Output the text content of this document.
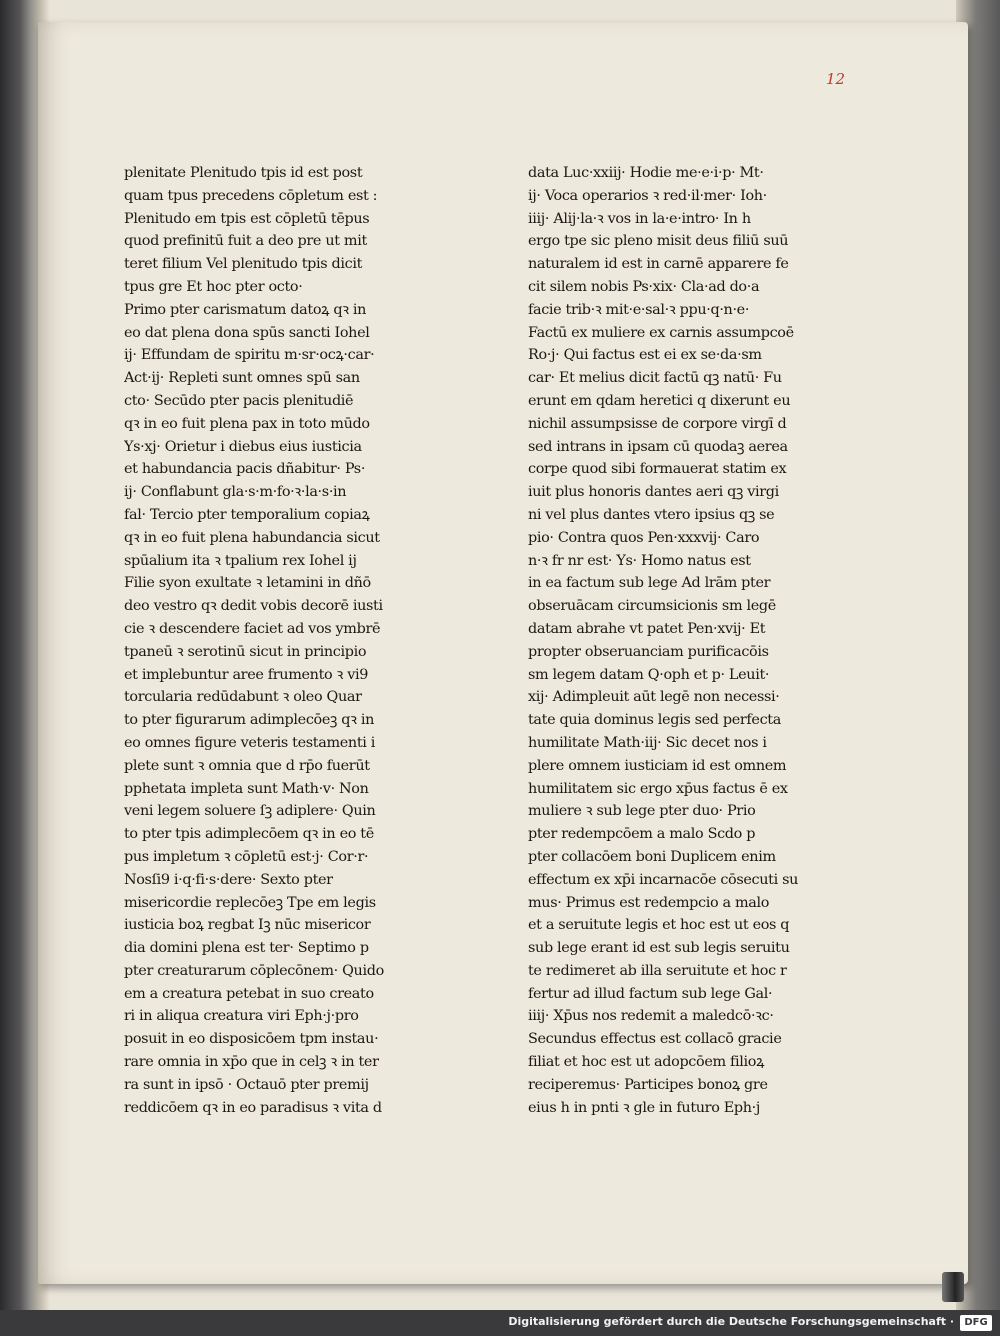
12
plenitate Plenitudo tpis id est post
quam tpus precedens cōpletum est :
Plenitudo em tpis est cōpletū tēpus
quod prefinitū fuit a deo pre ut mit
teret filium Vel plenitudo tpis dicit
tpus gre Et hoc pter octo·
Primo pter carismatum datoꝝ qꝛ in
eo dat plena dona spūs sancti Iohel
ij· Effundam de spiritu m·sr·ocꝝ·car·
Act·ij· Repleti sunt omnes spū san
cto· Secūdo pter pacis plenitudiē
qꝛ in eo fuit plena pax in toto mūdo
Ys·xj· Orietur i diebus eius iusticia
et habundancia pacis dñabitur· Ps·
ij· Conflabunt gla·s·m·fo·ꝛ·la·s·in
fal· Tercio pter temporalium copiaꝝ
qꝛ in eo fuit plena habundancia sicut
spūalium ita ꝛ tpalium rex Iohel ij
Filie syon exultate ꝛ letamini in dñō
deo vestro qꝛ dedit vobis decorē iusti
cie ꝛ descendere faciet ad vos ymbrē
tpaneū ꝛ serotinū sicut in principio
et implebuntur aree frumento ꝛ vi9
torcularia redūdabunt ꝛ oleo Quar
to pter figurarum adimplecōeꝫ qꝛ in
eo omnes figure veteris testamenti i
plete sunt ꝛ omnia que d rp̄o fuerūt
pphetata impleta sunt Math·v· Non
veni legem soluere ſꝫ adiplere· Quin
to pter tpis adimplecōem qꝛ in eo tē
pus impletum ꝛ cōpletū est·j· Cor·r·
Nosſi9 i·q·fi·s·dere· Sexto pter
misericordie replecōeꝫ Tpe em legis
iusticia boꝝ regbat Iꝫ nūc misericor
dia domini plena est ter· Septimo p
pter creaturarum cōplecōnem· Quido
em a creatura petebat in suo creato
ri in aliqua creatura viri Eph·j·pro
posuit in eo disposicōem tpm instau·
rare omnia in xp̄o que in celꝫ ꝛ in ter
ra sunt in ipsō · Octauō pter premij
reddicōem qꝛ in eo paradisus ꝛ vita d
data Luc·xxiij· Hodie me·e·i·p· Mt·
ij· Voca operarios ꝛ red·il·mer· Ioh·
iiij· Alij·la·ꝛ vos in la·e·intro· In h
ergo tpe sic pleno misit deus filiū suū
naturalem id est in carnē apparere fe
cit silem nobis Ps·xix· Cla·ad do·a
facie trib·ꝛ mit·e·sal·ꝛ ppu·q·n·e·
Factū ex muliere ex carnis assumpcoē
Ro·j· Qui factus est ei ex se·da·sm
car· Et melius dicit factū qꝫ natū· Fu
erunt em qdam heretici q dixerunt eu
nichil assumpsisse de corpore virgī d
sed intrans in ipsam cū quodaꝫ aerea
corpe quod sibi formauerat statim ex
iuit plus honoris dantes aeri qꝫ virgi
ni vel plus dantes vtero ipsius qꝫ se
pio· Contra quos Pen·xxxvij· Caro
n·ꝛ fr nr est· Ys· Homo natus est
in ea factum sub lege Ad lrām pter
obseruācam circumsicionis sm legē
datam abrahe vt patet Pen·xvij· Et
propter obseruanciam purificacōis
sm legem datam Q·oph et p· Leuit·
xij· Adimpleuit aūt legē non necessi·
tate quia dominus legis sed perfecta
humilitate Math·iij· Sic decet nos i
plere omnem iusticiam id est omnem
humilitatem sic ergo xp̄us factus ē ex
muliere ꝛ sub lege pter duo· Prio
pter redempcōem a malo Scdo p
pter collacōem boni Duplicem enim
effectum ex xp̄i incarnacōe cōsecuti su
mus· Primus est redempcio a malo
et a seruitute legis et hoc est ut eos q
sub lege erant id est sub legis seruitu
te redimeret ab illa seruitute et hoc r
fertur ad illud factum sub lege Gal·
iiij· Xp̄us nos redemit a maledcō·ꝛc·
Secundus effectus est collacō gracie
filiat et hoc est ut adopcōem filioꝝ
reciperemus· Participes bonoꝝ gre
eius h in pnti ꝛ gle in futuro Eph·j
Digitalisierung gefördert durch die Deutsche Forschungsgemeinschaft ·	DFG
